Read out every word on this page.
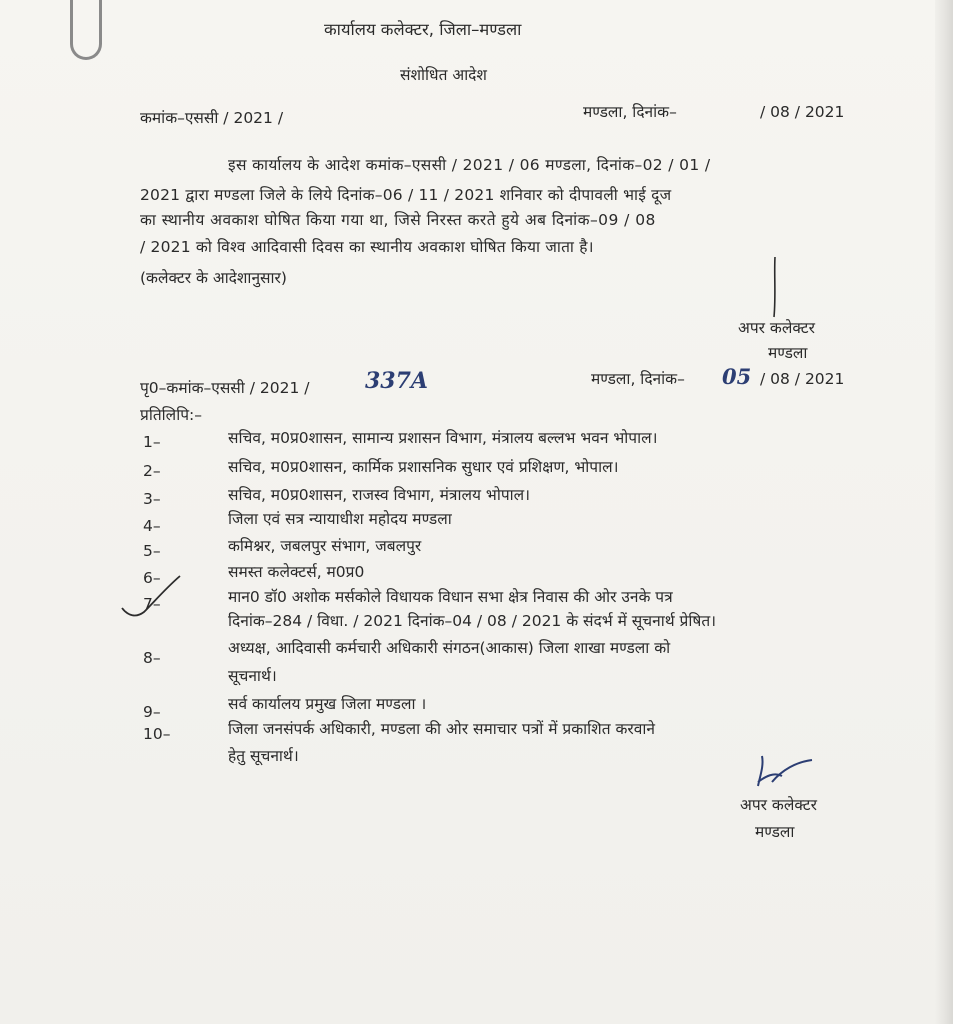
कार्यालय कलेक्टर, जिला–मण्डला
संशोधित आदेश
कमांक–एससी / 2021 /	मण्डला, दिनांक–	/ 08 / 2021
इस कार्यालय के आदेश कमांक–एससी / 2021 / 06 मण्डला, दिनांक–02 / 01 /
2021 द्वारा मण्डला जिले के लिये दिनांक–06 / 11 / 2021 शनिवार को दीपावली भाई दूज
का स्थानीय अवकाश घोषित किया गया था, जिसे निरस्त करते हुये अब दिनांक–09 / 08
/ 2021 को विश्व आदिवासी दिवस का स्थानीय अवकाश घोषित किया जाता है।
(कलेक्टर के आदेशानुसार)
अपर कलेक्टर
मण्डला
पृ0–कमांक–एससी / 2021 /	337A	मण्डला, दिनांक– 05 / 08 / 2021
प्रतिलिपि:–
1–	सचिव, म0प्र0शासन, सामान्य प्रशासन विभाग, मंत्रालय बल्लभ भवन भोपाल।
2–	सचिव, म0प्र0शासन, कार्मिक प्रशासनिक सुधार एवं प्रशिक्षण, भोपाल।
3–	सचिव, म0प्र0शासन, राजस्व विभाग, मंत्रालय भोपाल।
4–	जिला एवं सत्र न्यायाधीश महोदय मण्डला
5–	कमिश्नर, जबलपुर संभाग, जबलपुर
6–	समस्त कलेक्टर्स, म0प्र0
7–	मान0 डॉ0 अशोक मर्सकोले विधायक विधान सभा क्षेत्र निवास की ओर उनके पत्र
दिनांक–284 / विधा. / 2021 दिनांक–04 / 08 / 2021 के संदर्भ में सूचनार्थ प्रेषित।
8–
अध्यक्ष, आदिवासी कर्मचारी अधिकारी संगठन(आकास) जिला शाखा मण्डला को
सूचनार्थ।
9–	सर्व कार्यालय प्रमुख जिला मण्डला ।
10–	जिला जनसंपर्क अधिकारी, मण्डला की ओर समाचार पत्रों में प्रकाशित करवाने
हेतु सूचनार्थ।
अपर कलेक्टर
मण्डला
